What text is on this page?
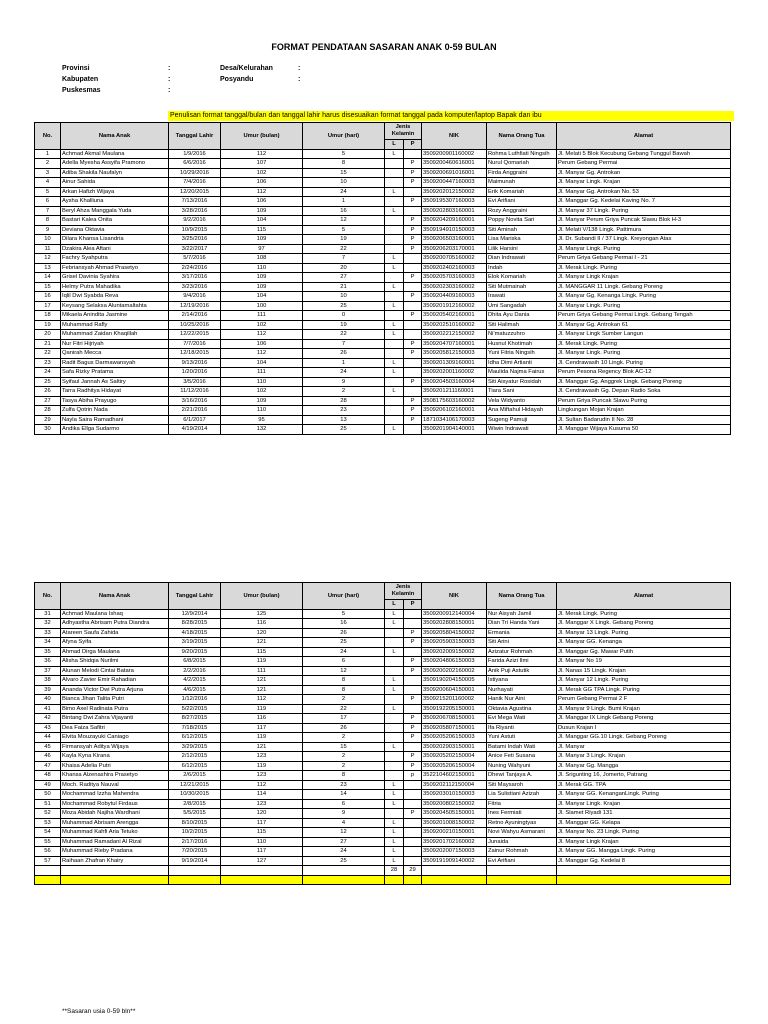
FORMAT PENDATAAN SASARAN ANAK 0-59 BULAN
Provinsi	:	Desa/Kelurahan	:
Kabupaten	:	Posyandu	:
Puskesmas	:
Penulisan format tanggal/bulan dan tanggal lahir harus disesuaikan format tanggal pada komputer/laptop Bapak dan ibu
No.	Nama Anak	Tanggal Lahir	Umur (bulan)	Umur (hari)	Jenis Kelamin		NIK	Nama Orang Tua	Alamat
					L	P			
1	Achmad Akmal Maulana	1/9/2016	112	5	L		3509200901160002	Rohma Luthfiati Ningsih	Jl. Melati 5 Blok Kecubung Gebang Tunggul Bawah
2	Adella Myesha Assyifa Pramono	6/6/2016	107	8		P	3509200460616001	Nurul Qomariah	Perum Gebang Permai
3	Adiba Shakila Naufalyn	10/29/2016	102	15		P	3509200691016001	Firda Anggraini	Jl. Manyar Gg. Antrokan
4	Ainur Sahida	7/4/2016	106	10		P	3509200447160003	Maimunah	Jl. Manyar Lingk. Krajan
5	Arkan Hafizh Wijaya	12/20/2015	112	24	L		3509202012150002	Erik Komariah	Jl. Manyar Gg. Antrokan No. 53
6	Aysha Khalliuna	7/13/2016	106	1		P	3509195307160003	Evi Arifiani	Jl. Manggar Gg. Kedelai Kaving No. 7
7	Beryl Ahza Manggala Yuda	3/28/2016	109	16	L		3509202803160001	Rozy Anggraini	Jl. Manyar 37 Lingk. Puring
8	Bastari Kalea Onita	9/2/2016	104	12		P	3509204209160001	Poppy Novita Sari	Jl. Manyar Perum Griya Puncak Slawu Blok H-3
9	Deviana Oktavia	10/9/2015	115	5		P	3509194910150003	Siti Aminah	Jl. Melati V/138 Lingk. Pattimura
10	Dilara Khansa Lisandria	3/25/2016	109	19		P	3509206503160001	Lisa Mariska	Jl. Dr. Subandi II / 37 Lingk. Kreyongan Atas
11	Dzakira Alea Aftani	3/22/2017	97	22		P	3509206203170001	Lilik Harsini	Jl. Manyar Lingk. Puring
12	Fachry Syahputra	5/7/2016	108	7	L		3509200705160002	Dian Indrawati	Perum Griya Gebang Permai I - 21
13	Febriansyah Ahmad Prasetyo	2/24/2016	110	20	L		3509202402160003	Indah	Jl. Merak Lingk. Puring
14	Grisel Davinia Syahira	3/17/2016	109	27		P	3509205703160003	Elok Komariah	Jl. Manyar Lingk Krajan
15	Helmy Putra Mahadika	3/23/2016	109	21	L		3509202303160002	Siti Mutmainah	Jl. MANGGAR 11 Lingk. Gebang Poreng
16	Iqlil Dwi Syabda Reva	9/4/2016	104	10		P	3509204409160003	Irawati	Jl. Manyar Gg. Kenanga Lingk. Puring
17	Keysang Selaksa Aluntamaltahta	12/19/2016	100	25	L		3509201912160002	Umi Sangadah	Jl. Manyar Lingk. Puring
18	Mikaela Anindita Jasmine	2/14/2016	111	0		P	3509205402160001	Dhita Ayu Dania	Perum Griya Gebang Permai Lingk. Gebang Tengah
19	Muhammad Rafly	10/25/2016	102	19	L		3509202510160002	Siti Halimah	Jl. Manyar Gg. Antrokan 61
20	Muhammad Zaidan Khaqillah	12/22/2015	112	22	L		3509202212150002	Ni'matuzzuhro	Jl. Manyar Lingk Sumber Langun
21	Nur Fitri Hijriyah	7/7/2016	106	7		P	3509204707160001	Husnul Khotimah	Jl. Merak Lingk. Puring
22	Qanirah Mecca	12/18/2015	112	26		P	3509205812150003	Yuni Fitria Ningsih	Jl. Manyar Lingk. Puring
23	Radit Bagus Darmawansyah	9/13/2016	104	1	L		3509201309160001	Idha Dimi Artianti	Jl. Cendrawasih 10 Lingk. Puring
24	Safa Rizky Pratama	1/20/2016	111	24	L		3509202001160002	Maulida Najma Fairus	Perum Pesona Regency Blok AC-12
25	Syifaul Jannah As Saltiry	3/5/2016	110	9		P	3509204503160004	Siti Aisyatur Rosidah	Jl. Manggar Gg. Anggrek Lingk. Gebang Poreng
26	Tarra Radhitya Hidayat	11/12/2016	102	2	L		3509201211160001	Tiara Sani	Jl. Cendrawasih Gg. Depan Radio Soka
27	Tasya Abiha Prayugo	3/16/2016	109	28		P	3508175603160002	Vela Widyanto	Perum Griya Puncak Slawu Puring
28	Zulfa Qotrin Nada	2/21/2016	110	23		P	3509206102160001	Ana Miftahul Hidayah	Lingkungan Mojan Krajan
29	Nayla Saira Ramadhani	6/1/2017	95	13		P	1871034106170003	Sugeng Pamuji	Jl. Sultan Badarudin II No. 28
30	Andika Ellga Sudarmo	4/19/2014	132	25	L		3509201904140001	Wiwin Indrawati	Jl. Manggar Wijaya Kusuma 50
No.	Nama Anak	Tanggal Lahir	Umur (bulan)	Umur (hari)	Jenis Kelamin		NIK	Nama Orang Tua	Alamat
					L	P			
31	Achmad Maulana Ishaq	12/9/2014	125	5	L		3509200912140004	Nur Aisyah Jamil	Jl. Merak Lingk. Puring
32	Adhyastha Abrisam Putra Diandra	8/28/2015	116	16	L		3509202808150001	Dian Tri Handa Yani	Jl. Manggar X Lingk. Gebang Poreng
33	Atareen Saufa Zahida	4/18/2015	120	26		P	3509205804150002	Ermania	Jl. Manyar 13 Lingk. Puring
34	Afyna Syifa	3/19/2015	121	25		P	3509205903150003	Siti Arini	Jl. Manyar GG. Kenanga
35	Ahmad Dirga Maulana	9/20/2015	115	24	L		3509202009150002	Azizatur Rohmah	Jl. Manggar Gg. Mawar Putih
36	Alisha Shidqia Nurilmi	6/8/2015	119	6		P	3509204806150003	Farida Azizi Ilmi	Jl. Manyar No 19
37	Alunan Melodi Cintai Batara	2/2/2016	111	12		P	3509200202160002	Anik Puji Astutik	Jl. Nanas 15 Lingk. Krajan
38	Alvaro Zavier Emir Rahadian	4/2/2015	121	8	L		3509190204150005	Istiyana	Jl. Manyar 12 Lingk. Puring
39	Ananda Victor Dwi Putra Arjuna	4/6/2015	121	8	L		3509200604150001	Nurhayati	Jl. Merak GG TPA Lingk. Puring
40	Bianca Jihan Talita Putri	1/12/2016	112	2		P	3509215201160002	Hanik Nur Aini	Perum Gebang Permai 2 F
41	Bimo Axel Radinata Putra	5/22/2015	119	22	L		3509192205150001	Oktavia Agustina	Jl. Manyar 9 Lingk. Bumi Krajan
42	Bintang Dwi Zahra Vijayanti	8/27/2015	116	17		P	3509206708150001	Evi Mega Wati	Jl. Manggar IX Lingk Gebang Poreng
43	Dea Faiza Safitri	7/18/2015	117	26		P	3509205807150001	Ifa Riyanti	Dusun Krajan I
44	Elvita Mouzayuki Caniago	6/12/2015	119	2		P	3509205206150003	Yuni Astuti	Jl. Manggar GG.10 Lingk. Gebang Poreng
45	Firmansyah Aditya Wijaya	3/29/2015	121	15	L		3509202903150001	Batami Indah Wati	Jl. Manyar
46	Kayla Kyna Kirana	2/12/2015	123	2		P	3509205202150004	Anice Feti Susana	Jl. Manyar 3 Lingk. Krajan
47	Khaisa Adelia Putri	6/12/2015	119	2		P	3509205206150004	Nuning Wahyuni	Jl. Manyar Gg. Mangga
48	Khansa Alzenashira Prasetyo	2/6/2015	123	8		p	3522104602150001	Dhewi Tanjaya A.	Jl. Srigunting 16, Jomerto, Patrang
49	Moch. Raditya Nauval	12/21/2015	112	23	L		3509202112150004	Siti Maysaroh	Jl. Merak GG. TPA
50	Mochammad Izzha Mahendra	10/30/2015	114	14	L		3509203010150003	Lia Sulistiani Azizah	Jl. Manyar GG. KenanganLingk. Puring
51	Mochammad Robytul Firdaus	2/8/2015	123	6	L		3509200802150002	Fitria	Jl. Manyar Lingk. Krajan
52	Moza Abidah Najiha Wardhani	5/5/2015	120	9		P	3509204505150001	Ines Fermiati	Jl. Slamet Riyadi 131
53	Muhammad Abrisam Arengga	8/10/2015	117	4	L		3509201008150002	Retno Ayuningtyas	Jl. Manggar GG. Kelapa
54	Muhammad Kahfi Aria Tetuko	10/2/2015	115	12	L		3509200210150001	Novi Wahyu Asmarani	Jl. Manyar No. 23 Lingk. Puring
55	Muhammad Ramadani Al Rizal	2/17/2016	110	27	L		3509201702160002	Junaida	Jl. Manyar Lingk Krajan
56	Muhammad Rieby Pradana	7/20/2015	117	24	L		3509202007150003	Zainur Rohmah	Jl. Manyar GG. Mangga Lingk. Puring
57	Raihaan Zhafran Khairy	9/19/2014	127	25	L		3509191909140002	Evi Arifiani	Jl. Manggar Gg. Kedelai 8
					28	29			

**Sasaran usia 0-59 bln**
